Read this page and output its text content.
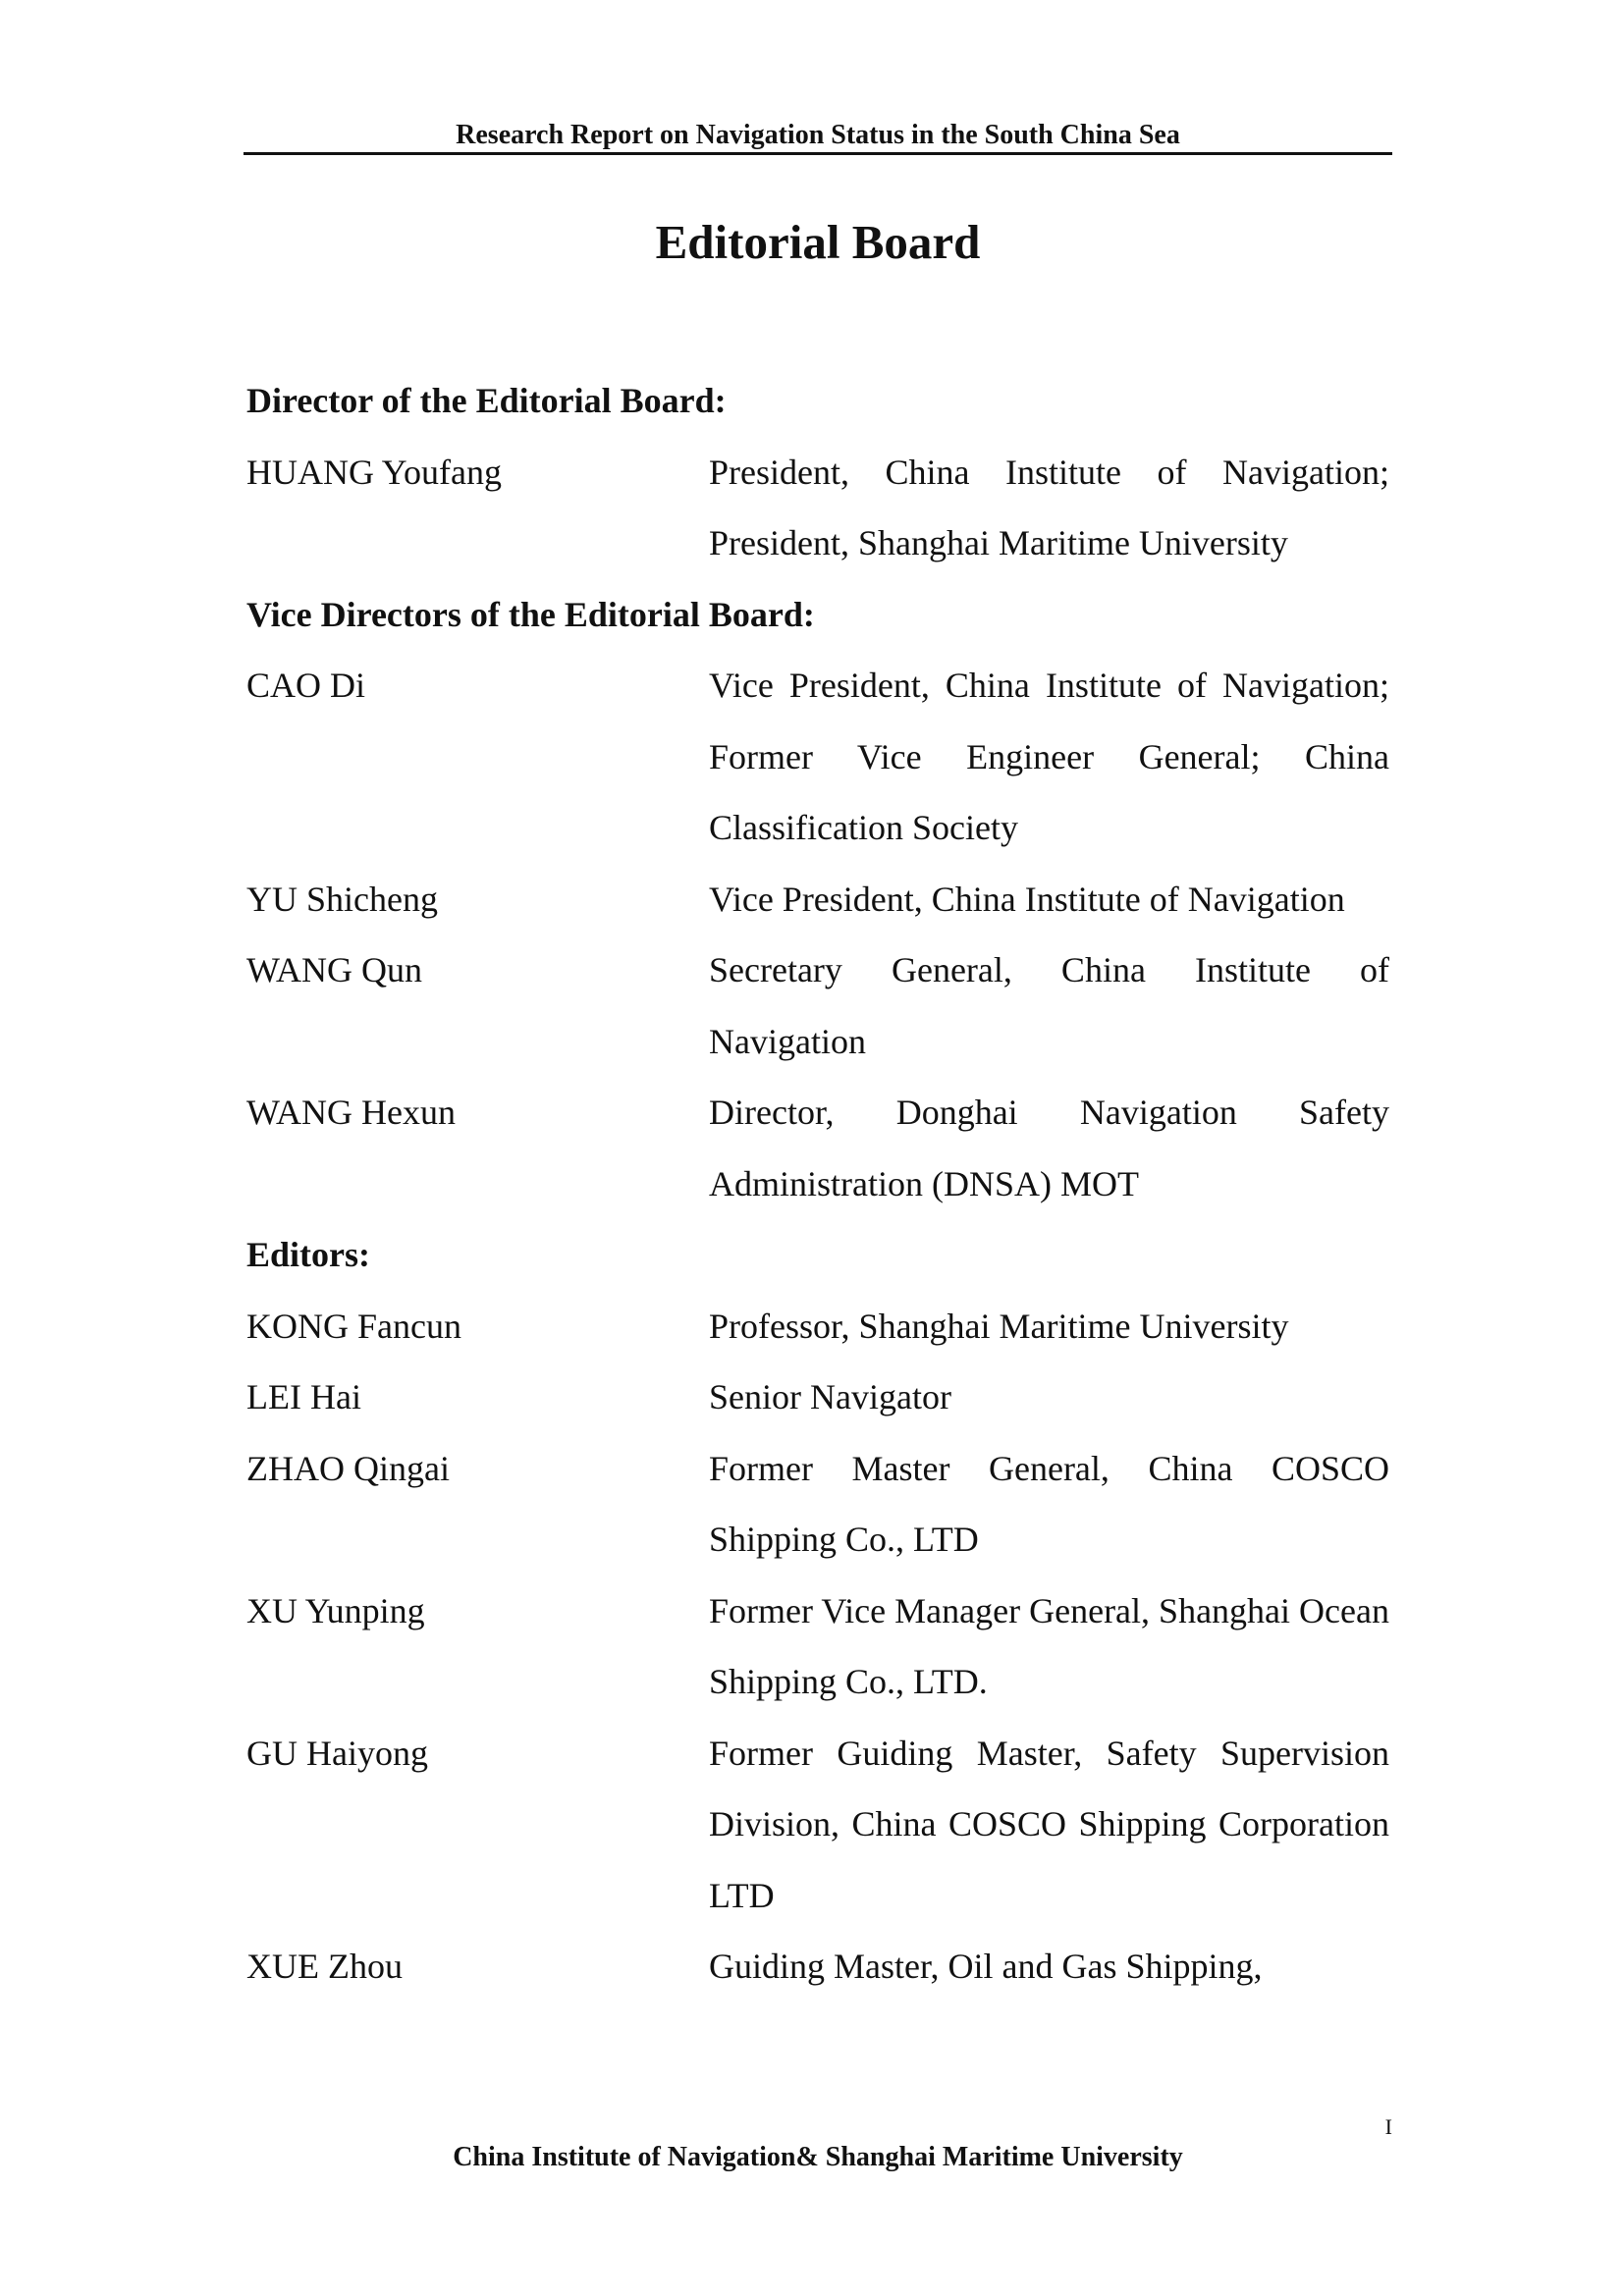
Research Report on Navigation Status in the South China Sea
Editorial Board
Director of the Editorial Board:
HUANG Youfang	President, China Institute of Navigation; President, Shanghai Maritime University
Vice Directors of the Editorial Board:
CAO Di	Vice President, China Institute of Navigation; Former Vice Engineer General; China Classification Society
YU Shicheng	Vice President, China Institute of Navigation
WANG Qun	Secretary General, China Institute of Navigation
WANG Hexun	Director, Donghai Navigation Safety Administration (DNSA) MOT
Editors:
KONG Fancun	Professor, Shanghai Maritime University
LEI Hai	Senior Navigator
ZHAO Qingai	Former Master General, China COSCO Shipping Co., LTD
XU Yunping	Former Vice Manager General, Shanghai Ocean Shipping Co., LTD.
GU Haiyong	Former Guiding Master, Safety Supervision Division, China COSCO Shipping Corporation LTD
XUE Zhou	Guiding Master, Oil and Gas Shipping,
I
China Institute of Navigation& Shanghai Maritime University
